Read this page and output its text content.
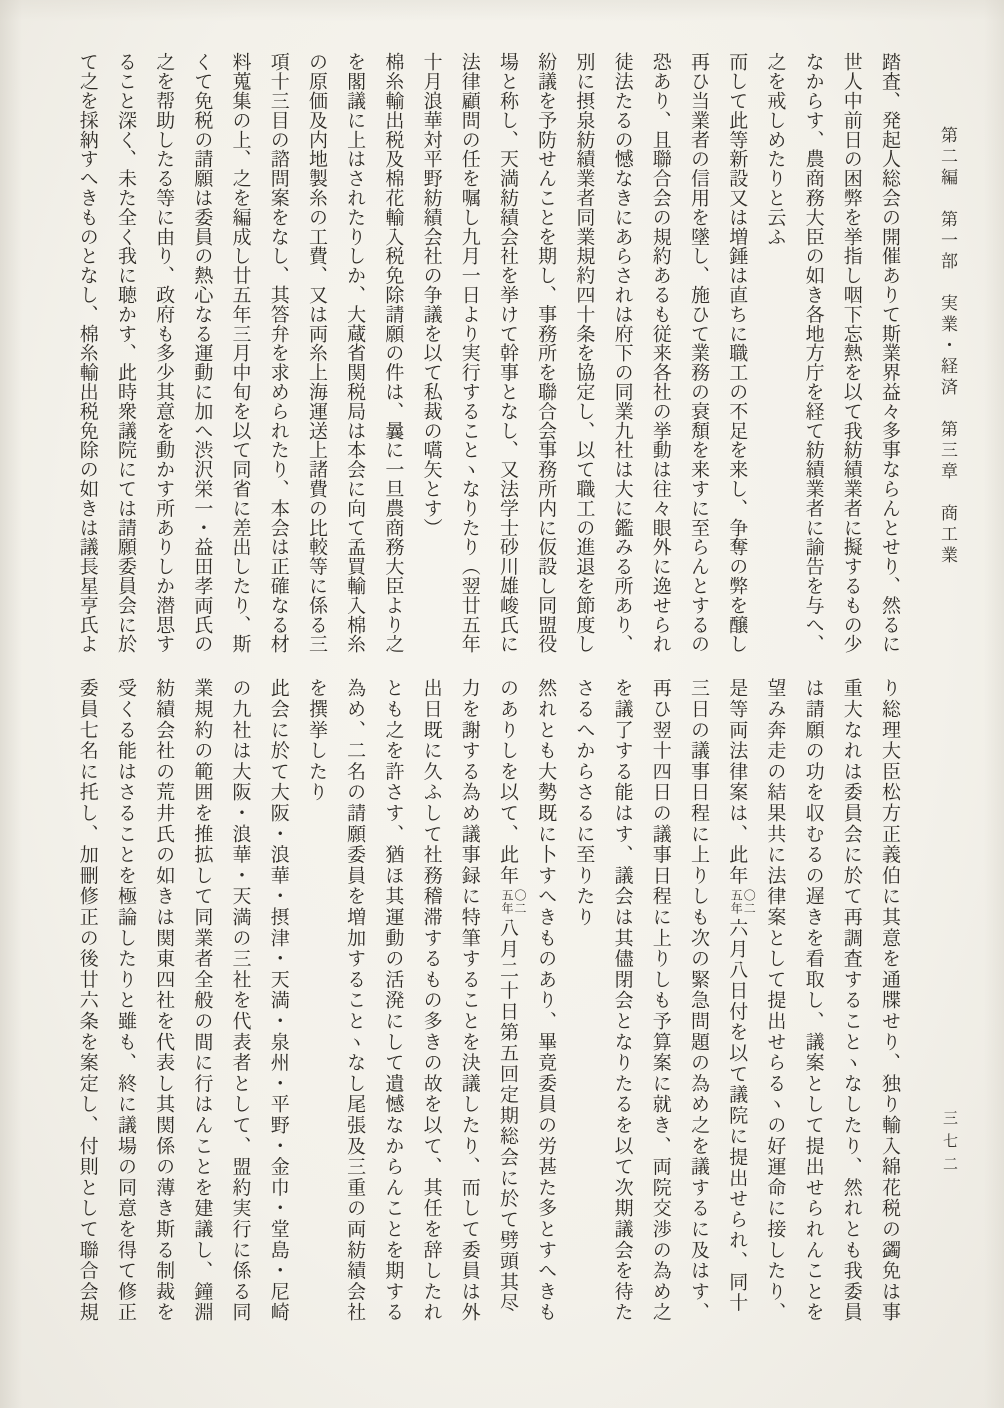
第二編　第一部　実業・経済　第三章　商工業
三七二

踏査、発起人総会の開催ありて斯業界益々多事ならんとせり、然るに

世人中前日の困弊を挙指し咽下忘熱を以て我紡績業者に擬するもの少

なからす、農商務大臣の如き各地方庁を経て紡績業者に諭告を与へ、

之を戒しめたりと云ふ

而して此等新設又は増錘は直ちに職工の不足を来し、争奪の弊を醸し

再ひ当業者の信用を墜し、施ひて業務の衰頽を来すに至らんとするの

恐あり、且聯合会の規約あるも従来各社の挙動は往々眼外に逸せられ

徒法たるの憾なきにあらされは府下の同業九社は大に鑑みる所あり、

別に摂泉紡績業者同業規約四十条を協定し、以て職工の進退を節度し

紛議を予防せんことを期し、事務所を聯合会事務所内に仮設し同盟役

場と称し、天満紡績会社を挙けて幹事となし、又法学士砂川雄峻氏に

法律顧問の任を嘱し九月一日より実行することヽなりたり（翌廿五年

十月浪華対平野紡績会社の争議を以て私裁の嚆矢とす）

棉糸輸出税及棉花輸入税免除請願の件は、曩に一旦農商務大臣より之

を閣議に上はされたりしか、大蔵省関税局は本会に向て孟買輸入棉糸

の原価及内地製糸の工費、又は両糸上海運送上諸費の比較等に係る三

項十三目の諮問案をなし、其答弁を求められたり、本会は正確なる材

料蒐集の上、之を編成し廿五年三月中旬を以て同省に差出したり、斯

くて免税の請願は委員の熱心なる運動に加へ渋沢栄一・益田孝両氏の

之を帮助したる等に由り、政府も多少其意を動かす所ありしか潜思す

ること深く、未た全く我に聴かす、此時衆議院にては請願委員会に於

て之を採納すへきものとなし、棉糸輸出税免除の如きは議長星亨氏よ

り総理大臣松方正義伯に其意を通牒せり、独り輸入綿花税の蠲免は事

重大なれは委員会に於て再調査することヽなしたり、然れとも我委員

は請願の功を収むるの遅きを看取し、議案として提出せられんことを

望み奔走の結果共に法律案として提出せらるヽの好運命に接したり、

是等両法律案は、此年
〇二
五年
六月八日付を以て議院に提出せられ、同十

三日の議事日程に上りしも次の緊急問題の為め之を議するに及はす、

再ひ翌十四日の議事日程に上りしも予算案に就き、両院交渉の為め之

を議了する能はす、議会は其儘閉会となりたるを以て次期議会を待た

さるへからさるに至りたり

然れとも大勢既に卜すへきものあり、畢竟委員の労甚た多とすへきも

のありしを以て、此年
〇二
五年
八月二十日第五回定期総会に於て劈頭其尽

力を謝する為め議事録に特筆することを決議したり、而して委員は外

出日既に久ふして社務稽滞するもの多きの故を以て、其任を辞したれ

とも之を許さす、猶ほ其運動の活溌にして遺憾なからんことを期する

為め、二名の請願委員を増加することヽなし尾張及三重の両紡績会社

を撰挙したり

此会に於て大阪・浪華・摂津・天満・泉州・平野・金巾・堂島・尼崎

の九社は大阪・浪華・天満の三社を代表者として、盟約実行に係る同

業規約の範囲を推拡して同業者全般の間に行はんことを建議し、鐘淵

紡績会社の荒井氏の如きは関東四社を代表し其関係の薄き斯る制裁を

受くる能はさることを極論したりと雖も、終に議場の同意を得て修正

委員七名に托し、加刪修正の後廿六条を案定し、付則として聯合会規
